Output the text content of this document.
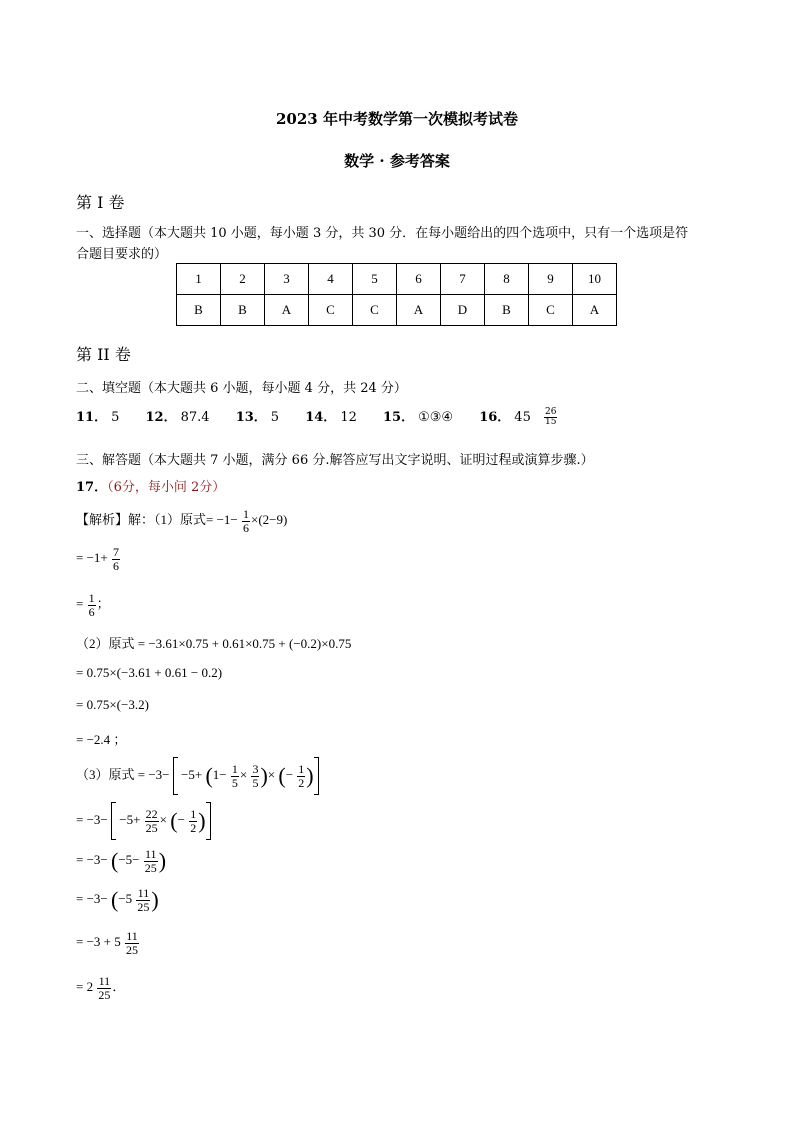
2023 年中考数学第一次模拟考试卷
数学 · 参考答案
第 I 卷
一、选择题（本大题共 10 小题，每小题 3 分，共 30 分．在每小题给出的四个选项中，只有一个选项是符
合题目要求的）
1	2	3	4	5	6	7	8	9	10
B	B	A	C	C	A	D	B	C	A
第 II 卷
二、填空题（本大题共 6 小题，每小题 4 分，共 24 分）
11． 5 12． 87.4 13． 5 14． 12 15． ①③④ 16． $45 \frac{26}{15}$
三、解答题（本大题共 7 小题，满分 66 分.解答应写出文字说明、证明过程或演算步骤.）
17．（6分，每小问 2分）
【解析】解：（1）原式= $-1- \frac{1}{6} \times(2-9)$
= $-1+ \frac{7}{6}$
= $\frac{1}{6}$ ；
（2）原式 = −3.61×0.75 + 0.61×0.75 + (−0.2)×0.75
= 0.75×(−3.61 + 0.61 − 0.2)
= 0.75×(−3.2)
= −2.4 ；
（3）原式 = $-3- -5+ (1- \frac{1}{5} \times \frac{3}{5}$ )× (− $\frac{1}{2}$ )
= $-3- -5+ \frac{22}{25}$ × (− $\frac{1}{2}$ )
= $-3- (-5- \frac{11}{25}$ )
= $-3- (-5 \frac{11}{25}$ )
= $-3 + 5 \frac{11}{25}$
= $2 \frac{11}{25}$ ．
